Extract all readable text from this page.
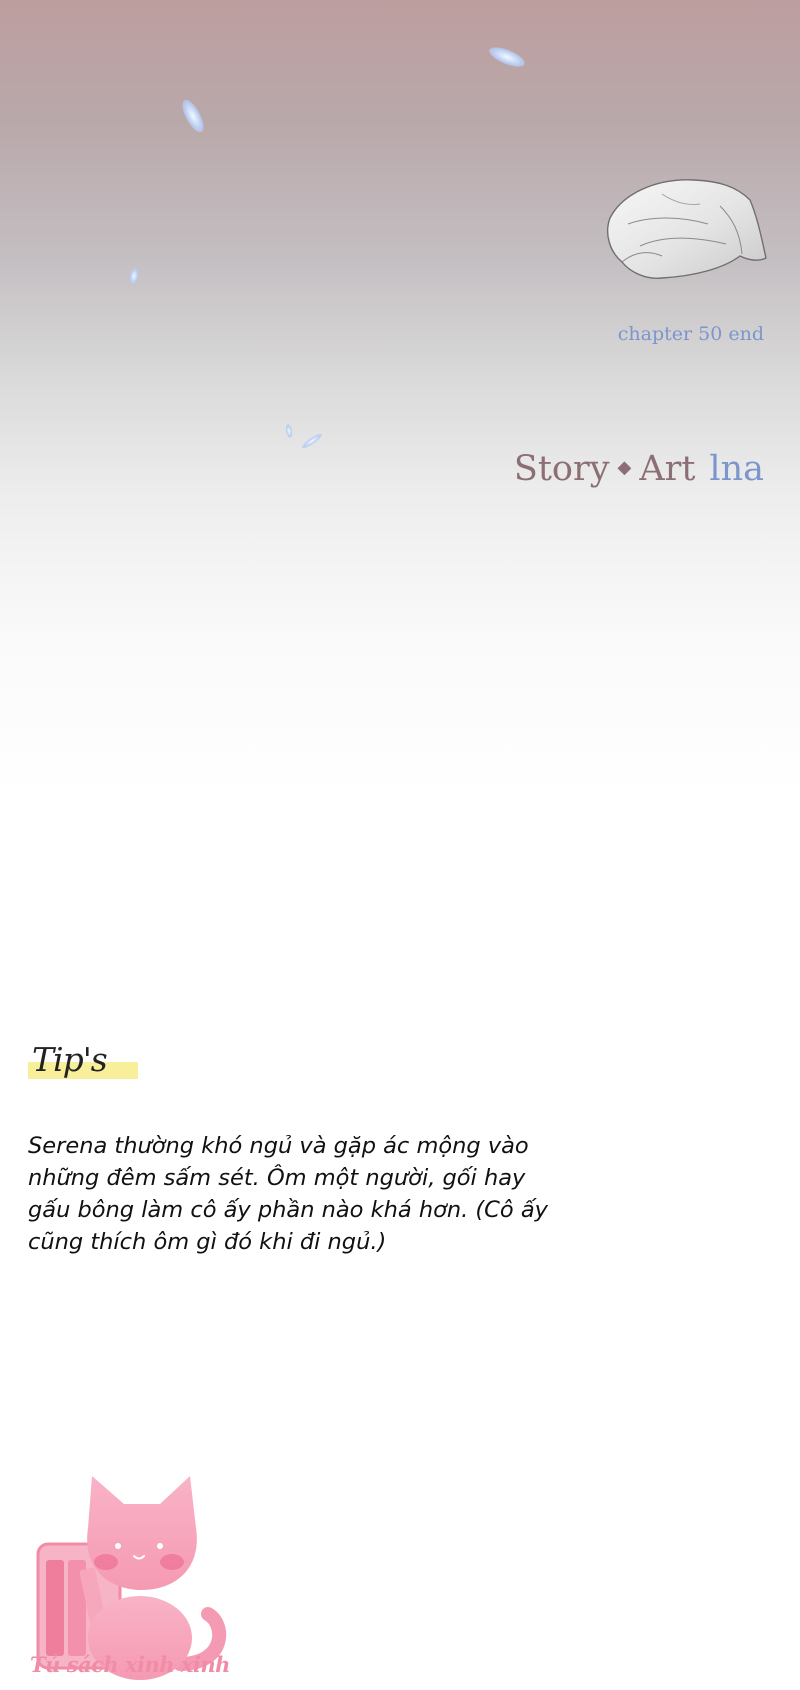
chapter 50 end
Story ◆ Art lna
Tip's

Serena thường khó ngủ và gặp ác mộng vào những đêm sấm sét. Ôm một người, gối hay gấu bông làm cô ấy phần nào khá hơn. (Cô ấy cũng thích ôm gì đó khi đi ngủ.)

Tủ sách xinh xinh
